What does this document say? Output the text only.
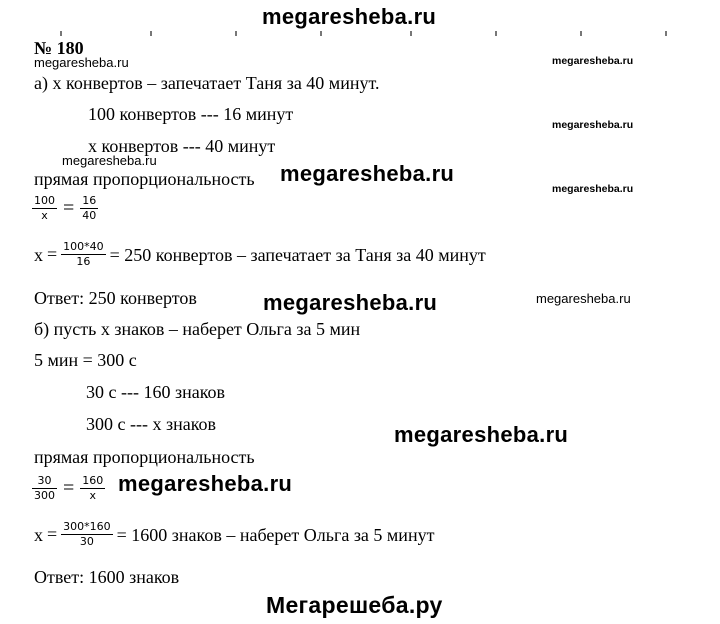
megaresheba.ru
№ 180
megaresheba.ru	megaresheba.ru
а) х конвертов – запечатает Таня за 40 минут.
100 конвертов --- 16 минут
megaresheba.ru
х конвертов --- 40 минут
megaresheba.ru
прямая пропорциональность megaresheba.ru
megaresheba.ru
$\frac{100}{x} = \frac{16}{40}$
$x = \frac{100*40}{16} = 250$ конвертов – запечатает за Таня за 40 минут
Ответ: 250 конвертов	megaresheba.ru	megaresheba.ru
б) пусть х знаков – наберет Ольга за 5 мин
5 мин = 300 с
30 с --- 160 знаков
300 с --- х знаков	megaresheba.ru
прямая пропорциональность
$\frac{30}{300} = \frac{160}{x}$ megaresheba.ru
$x = \frac{300*160}{30} = 1600$ знаков – наберет Ольга за 5 минут
Ответ: 1600 знаков
Мегарешеба.ру
